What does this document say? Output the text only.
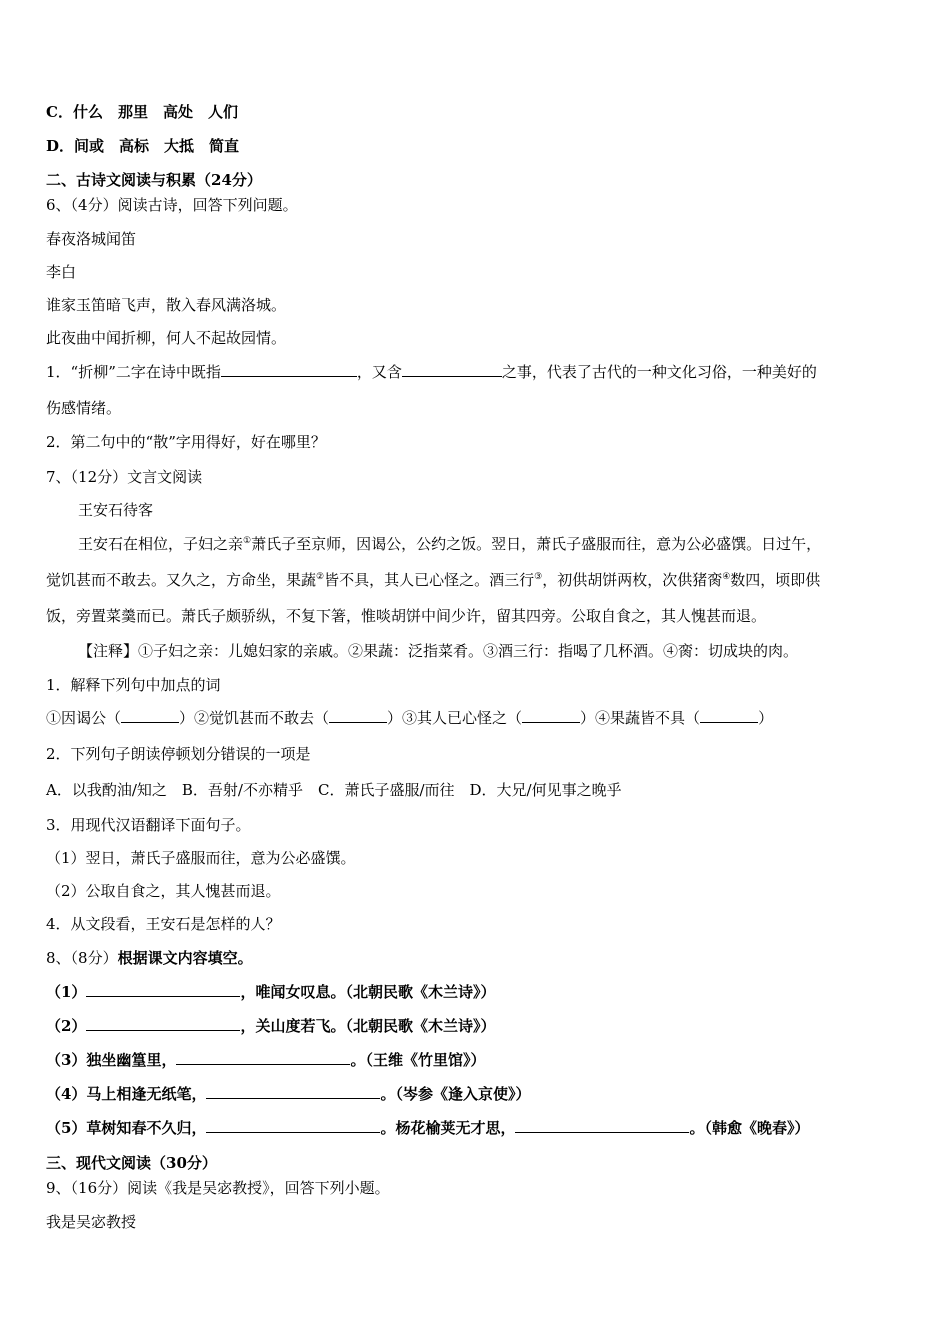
C．什么　那里　高处　人们
D．间或　高标　大抵　简直
二、古诗文阅读与积累（24分）
6、（4分）阅读古诗，回答下列问题。
春夜洛城闻笛
李白
谁家玉笛暗飞声，散入春风满洛城。
此夜曲中闻折柳，何人不起故园情。
1．“折柳”二字在诗中既指	，又含	之事，代表了古代的一种文化习俗，一种美好的
伤感情绪。
2．第二句中的“散”字用得好，好在哪里？
7、（12分）文言文阅读
王安石待客
王安石在相位，子妇之亲①萧氏子至京师，因谒公，公约之饭。翌日，萧氏子盛服而往，意为公必盛馔。日过午，
觉饥甚而不敢去。又久之，方命坐，果蔬②皆不具，其人已心怪之。酒三行③，初供胡饼两枚，次供猪脔④数四，顷即供
饭，旁置菜羹而已。萧氏子颇骄纵，不复下箸，惟啖胡饼中间少许，留其四旁。公取自食之，其人愧甚而退。
【注释】①子妇之亲：儿媳妇家的亲戚。②果蔬：泛指菜肴。③酒三行：指喝了几杯酒。④脔：切成块的肉。
1．解释下列句中加点的词
①因谒公（	）②觉饥甚而不敢去（	）③其人已心怪之（	）④果蔬皆不具（	）
2．下列句子朗读停顿划分错误的一项是
A．以我酌油/知之　B．吾射/不亦精乎　C．萧氏子盛服/而往　D．大兄/何见事之晚乎
3．用现代汉语翻译下面句子。
（1）翌日，萧氏子盛服而往，意为公必盛馔。
（2）公取自食之，其人愧甚而退。
4．从文段看，王安石是怎样的人？
8、（8分）根据课文内容填空。
（1）	，唯闻女叹息。（北朝民歌《木兰诗》）
（2）	，关山度若飞。（北朝民歌《木兰诗》）
（3）独坐幽篁里，	。（王维《竹里馆》）
（4）马上相逢无纸笔，	。（岑参《逢入京使》）
（5）草树知春不久归，	。杨花榆荚无才思，	。（韩愈《晚春》）
三、现代文阅读（30分）
9、（16分）阅读《我是吴宓教授》，回答下列小题。
我是吴宓教授
